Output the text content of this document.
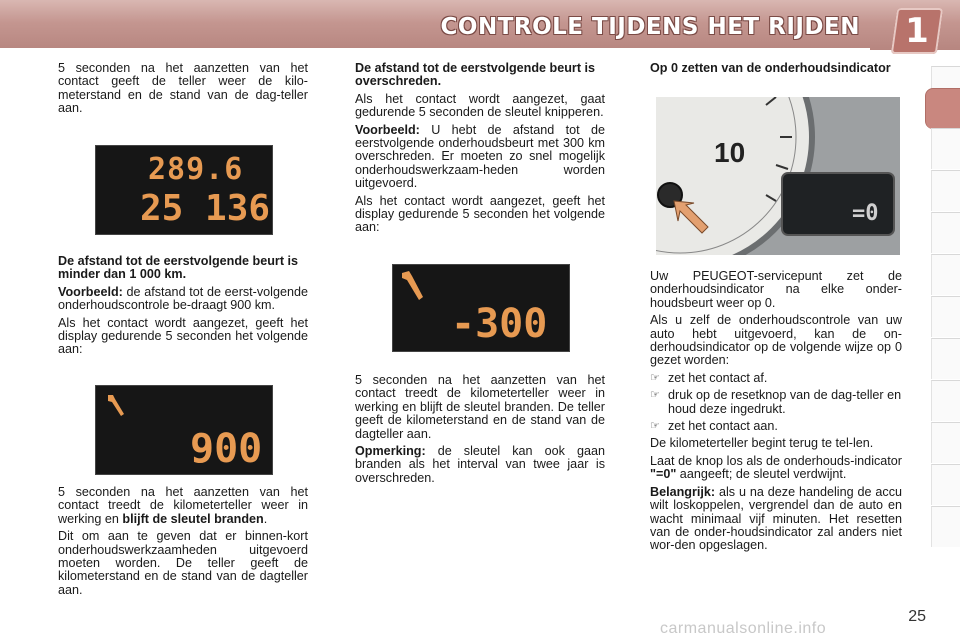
CONTROLE TIJDENS HET RIJDEN	1

5 seconden na het aanzetten van het contact geeft de teller weer de kilo-meterstand en de stand van de dag-teller aan.

289.6
25 136
De afstand tot de eerstvolgende beurt is minder dan 1 000 km.

Voorbeeld: de afstand tot de eerst-volgende onderhoudscontrole be-draagt 900 km.

Als het contact wordt aangezet, geeft het display gedurende 5 seconden het volgende aan:

900

5 seconden na het aanzetten van het contact treedt de kilometerteller weer in werking en blijft de sleutel branden.

Dit om aan te geven dat er binnen-kort onderhoudswerkzaamheden uitgevoerd moeten worden. De teller geeft de kilometerstand en de stand van de dagteller aan.

De afstand tot de eerstvolgende beurt is overschreden.

Als het contact wordt aangezet, gaat gedurende 5 seconden de sleutel knipperen.

Voorbeeld: U hebt de afstand tot de eerstvolgende onderhoudsbeurt met 300 km overschreden. Er moeten zo snel mogelijk onderhoudswerkzaam-heden worden uitgevoerd.

Als het contact wordt aangezet, geeft het display gedurende 5 seconden het volgende aan:

-300

5 seconden na het aanzetten van het contact treedt de kilometerteller weer in werking en blijft de sleutel branden. De teller geeft de kilometerstand en de stand van de dagteller aan.

Opmerking: de sleutel kan ook gaan branden als het interval van twee jaar is overschreden.

Op 0 zetten van de onderhoudsindicator
10
=0

Uw PEUGEOT-servicepunt zet de onderhoudsindicator na elke onder-houdsbeurt weer op 0.

Als u zelf de onderhoudscontrole van uw auto hebt uitgevoerd, kan de on-derhoudsindicator op de volgende wijze op 0 gezet worden:

☞ zet het contact af.
☞ druk op de resetknop van de dag-teller en houd deze ingedrukt.
☞ zet het contact aan.

De kilometerteller begint terug te tel-len.

Laat de knop los als de onderhouds-indicator "=0" aangeeft; de sleutel verdwijnt.

Belangrijk: als u na deze handeling de accu wilt loskoppelen, vergrendel dan de auto en wacht minimaal vijf minuten. Het resetten van de onder-houdsindicator zal anders niet wor-den opgeslagen.

25
carmanualsonline.info
